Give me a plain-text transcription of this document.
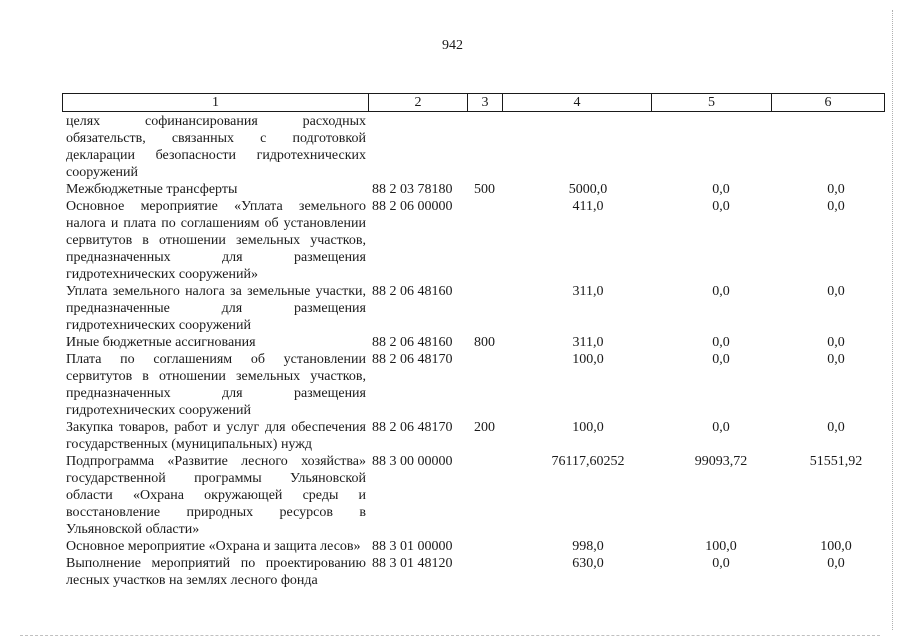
942
1	2	3	4	5	6
целях софинансирования расходных обязательств, связанных с подготовкой декларации безопасности гидротехнических сооружений					
Межбюджетные трансферты	88 2 03 78180	500	5000,0	0,0	0,0
Основное мероприятие «Уплата земельного налога и плата по соглашениям об установлении сервитутов в отношении земельных участков, предназначенных для размещения гидротехнических сооружений»	88 2 06 00000		411,0	0,0	0,0
Уплата земельного налога за земельные участки, предназначенные для размещения гидротехнических сооружений	88 2 06 48160		311,0	0,0	0,0
Иные бюджетные ассигнования	88 2 06 48160	800	311,0	0,0	0,0
Плата по соглашениям об установлении сервитутов в отношении земельных участков, предназначенных для размещения гидротехнических сооружений	88 2 06 48170		100,0	0,0	0,0
Закупка товаров, работ и услуг для обеспечения государственных (муниципальных) нужд	88 2 06 48170	200	100,0	0,0	0,0
Подпрограмма «Развитие лесного хозяйства» государственной программы Ульяновской области «Охрана окружающей среды и восстановление природных ресурсов в Ульяновской области»	88 3 00 00000		76117,60252	99093,72	51551,92
Основное мероприятие «Охрана и защита лесов»	88 3 01 00000		998,0	100,0	100,0
Выполнение мероприятий по проектированию лесных участков на землях лесного фонда	88 3 01 48120		630,0	0,0	0,0
